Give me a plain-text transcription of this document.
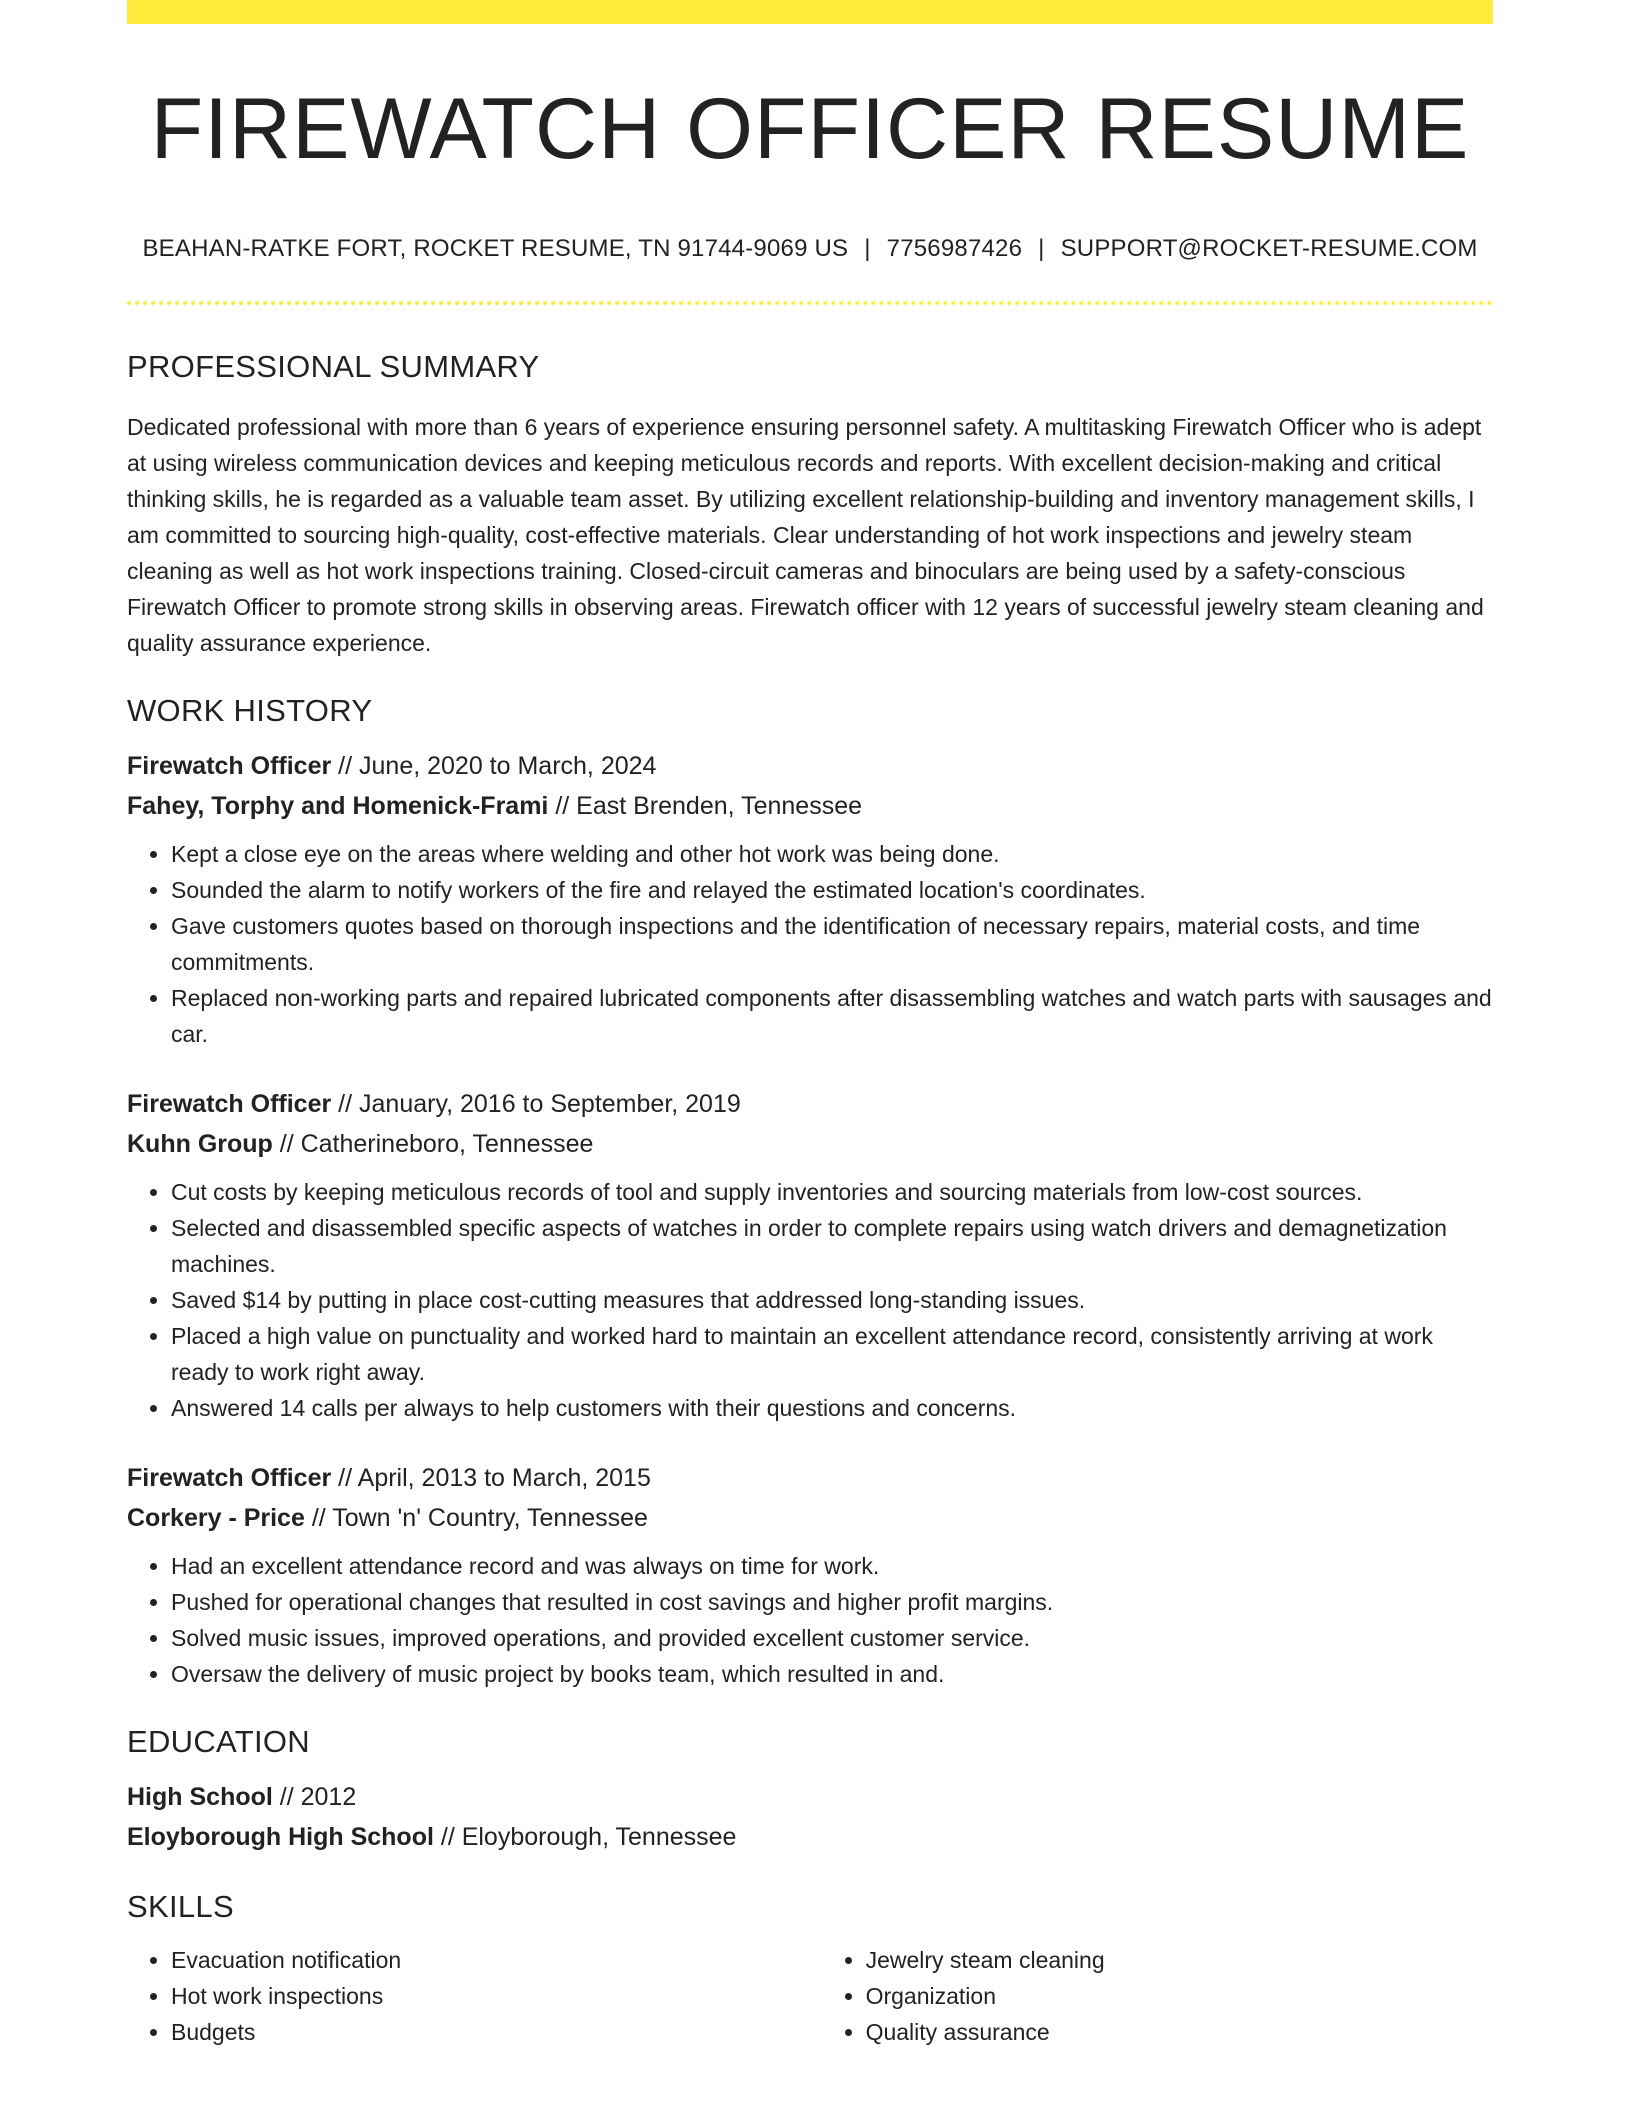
FIREWATCH OFFICER RESUME
BEAHAN-RATKE FORT, ROCKET RESUME, TN 91744-9069 US | 7756987426 | SUPPORT@ROCKET-RESUME.COM
PROFESSIONAL SUMMARY
Dedicated professional with more than 6 years of experience ensuring personnel safety. A multitasking Firewatch Officer who is adept at using wireless communication devices and keeping meticulous records and reports. With excellent decision-making and critical thinking skills, he is regarded as a valuable team asset. By utilizing excellent relationship-building and inventory management skills, I am committed to sourcing high-quality, cost-effective materials. Clear understanding of hot work inspections and jewelry steam cleaning as well as hot work inspections training. Closed-circuit cameras and binoculars are being used by a safety-conscious Firewatch Officer to promote strong skills in observing areas. Firewatch officer with 12 years of successful jewelry steam cleaning and quality assurance experience.
WORK HISTORY
Firewatch Officer // June, 2020 to March, 2024
Fahey, Torphy and Homenick-Frami // East Brenden, Tennessee
• Kept a close eye on the areas where welding and other hot work was being done.
• Sounded the alarm to notify workers of the fire and relayed the estimated location's coordinates.
• Gave customers quotes based on thorough inspections and the identification of necessary repairs, material costs, and time commitments.
• Replaced non-working parts and repaired lubricated components after disassembling watches and watch parts with sausages and car.
Firewatch Officer // January, 2016 to September, 2019
Kuhn Group // Catherineboro, Tennessee
• Cut costs by keeping meticulous records of tool and supply inventories and sourcing materials from low-cost sources.
• Selected and disassembled specific aspects of watches in order to complete repairs using watch drivers and demagnetization machines.
• Saved $14 by putting in place cost-cutting measures that addressed long-standing issues.
• Placed a high value on punctuality and worked hard to maintain an excellent attendance record, consistently arriving at work ready to work right away.
• Answered 14 calls per always to help customers with their questions and concerns.
Firewatch Officer // April, 2013 to March, 2015
Corkery - Price // Town 'n' Country, Tennessee
• Had an excellent attendance record and was always on time for work.
• Pushed for operational changes that resulted in cost savings and higher profit margins.
• Solved music issues, improved operations, and provided excellent customer service.
• Oversaw the delivery of music project by books team, which resulted in and.
EDUCATION
High School // 2012
Eloyborough High School // Eloyborough, Tennessee
SKILLS
• Evacuation notification
• Hot work inspections
• Budgets
• Jewelry steam cleaning
• Organization
• Quality assurance
